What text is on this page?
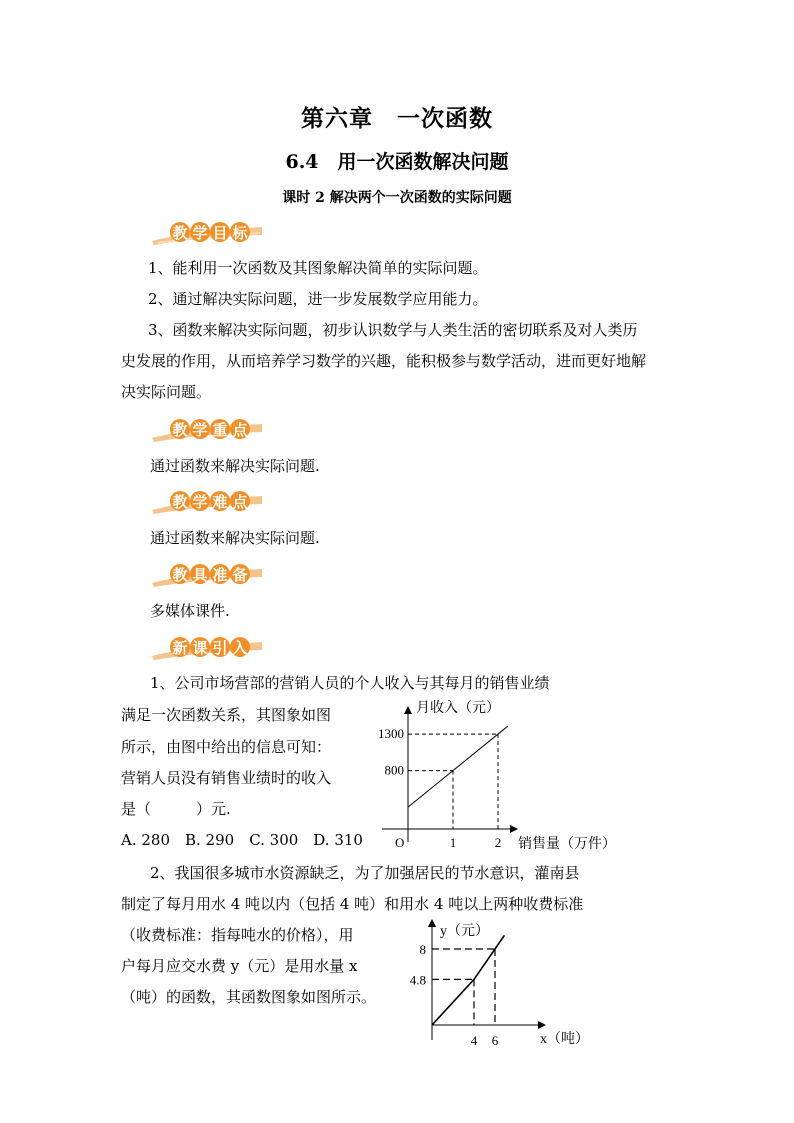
第六章　一次函数
6.4　用一次函数解决问题
课时 2 解决两个一次函数的实际问题
教 学 目 标
1、能利用一次函数及其图象解决简单的实际问题。
2、通过解决实际问题，进一步发展数学应用能力。
3、函数来解决实际问题，初步认识数学与人类生活的密切联系及对人类历
史发展的作用，从而培养学习数学的兴趣，能积极参与数学活动，进而更好地解
决实际问题。
教 学 重 点
通过函数来解决实际问题.
教 学 难 点
通过函数来解决实际问题.
教 具 准 备
多媒体课件.
新 课 引 入
1、公司市场营部的营销人员的个人收入与其每月的销售业绩
满足一次函数关系，其图象如图
所示，由图中给出的信息可知：
营销人员没有销售业绩时的收入
是（　　　）元.
A. 280　B. 290　C. 300　D. 310
月收入（元）
1300
800
O	1	2 销售量（万件）
2、我国很多城市水资源缺乏，为了加强居民的节水意识，灌南县
制定了每月用水 4 吨以内（包括 4 吨）和用水 4 吨以上两种收费标准
（收费标准：指每吨水的价格），用
户每月应交水费 y（元）是用水量 x
（吨）的函数，其函数图象如图所示。
y（元）
8
4.8
4 6	x（吨）
